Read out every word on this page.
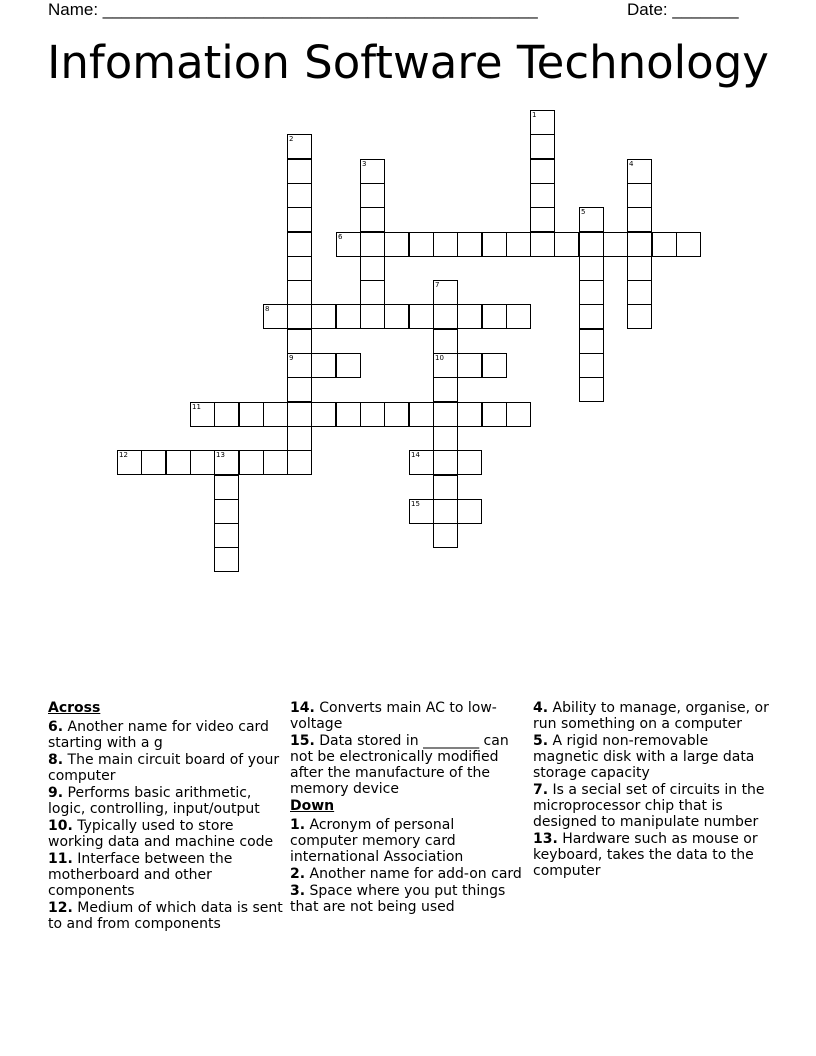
Name: ______________________________________________	Date: _______
Infomation Software Technology
1
2
9
3	4
5
6
7
10
8
11
12	13	14
15
Across
6. Another name for video card starting with a g
8. The main circuit board of your computer
9. Performs basic arithmetic, logic, controlling, input/output
10. Typically used to store working data and machine code
11. Interface between the motherboard and other components
12. Medium of which data is sent to and from components
14. Converts main AC to low-voltage
15. Data stored in ________ can not be electronically modified after the manufacture of the memory device
Down
1. Acronym of personal computer memory card international Association
2. Another name for add-on card
3. Space where you put things that are not being used
4. Ability to manage, organise, or run something on a computer
5. A rigid non-removable magnetic disk with a large data storage capacity
7. Is a secial set of circuits in the microprocessor chip that is designed to manipulate number
13. Hardware such as mouse or keyboard, takes the data to the computer
